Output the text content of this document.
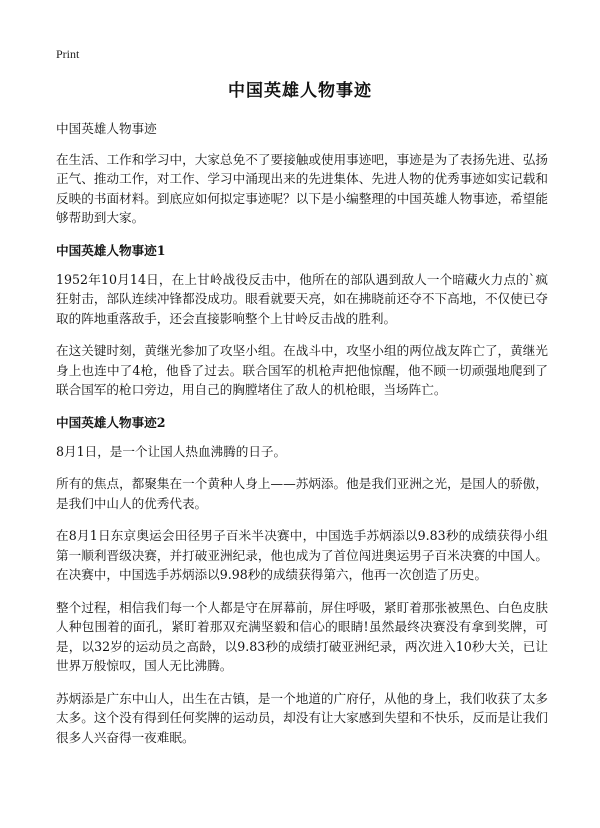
Print
中国英雄人物事迹

中国英雄人物事迹

在生活、工作和学习中，大家总免不了要接触或使用事迹吧，事迹是为了表扬先进、弘扬正气、推动工作，对工作、学习中涌现出来的先进集体、先进人物的优秀事迹如实记载和反映的书面材料。到底应如何拟定事迹呢？以下是小编整理的中国英雄人物事迹，希望能够帮助到大家。

中国英雄人物事迹1

1952年10月14日，在上甘岭战役反击中，他所在的部队遇到敌人一个暗藏火力点的`疯狂射击，部队连续冲锋都没成功。眼看就要天亮，如在拂晓前还夺不下高地，不仅使已夺取的阵地重落敌手，还会直接影响整个上甘岭反击战的胜利。

在这关键时刻，黄继光参加了攻坚小组。在战斗中，攻坚小组的两位战友阵亡了，黄继光身上也连中了4枪，他昏了过去。联合国军的机枪声把他惊醒，他不顾一切顽强地爬到了联合国军的枪口旁边，用自己的胸膛堵住了敌人的机枪眼，当场阵亡。

中国英雄人物事迹2

8月1日，是一个让国人热血沸腾的日子。

所有的焦点，都聚集在一个黄种人身上——苏炳添。他是我们亚洲之光，是国人的骄傲，是我们中山人的优秀代表。

在8月1日东京奥运会田径男子百米半决赛中，中国选手苏炳添以9.83秒的成绩获得小组第一顺利晋级决赛，并打破亚洲纪录，他也成为了首位闯进奥运男子百米决赛的中国人。在决赛中，中国选手苏炳添以9.98秒的成绩获得第六，他再一次创造了历史。

整个过程，相信我们每一个人都是守在屏幕前，屏住呼吸，紧盯着那张被黑色、白色皮肤人种包围着的面孔，紧盯着那双充满坚毅和信心的眼睛!虽然最终决赛没有拿到奖牌，可是，以32岁的运动员之高龄，以9.83秒的成绩打破亚洲纪录，两次进入10秒大关，已让世界万般惊叹，国人无比沸腾。

苏炳添是广东中山人，出生在古镇，是一个地道的广府仔，从他的身上，我们收获了太多太多。这个没有得到任何奖牌的运动员，却没有让大家感到失望和不快乐，反而是让我们很多人兴奋得一夜难眠。
